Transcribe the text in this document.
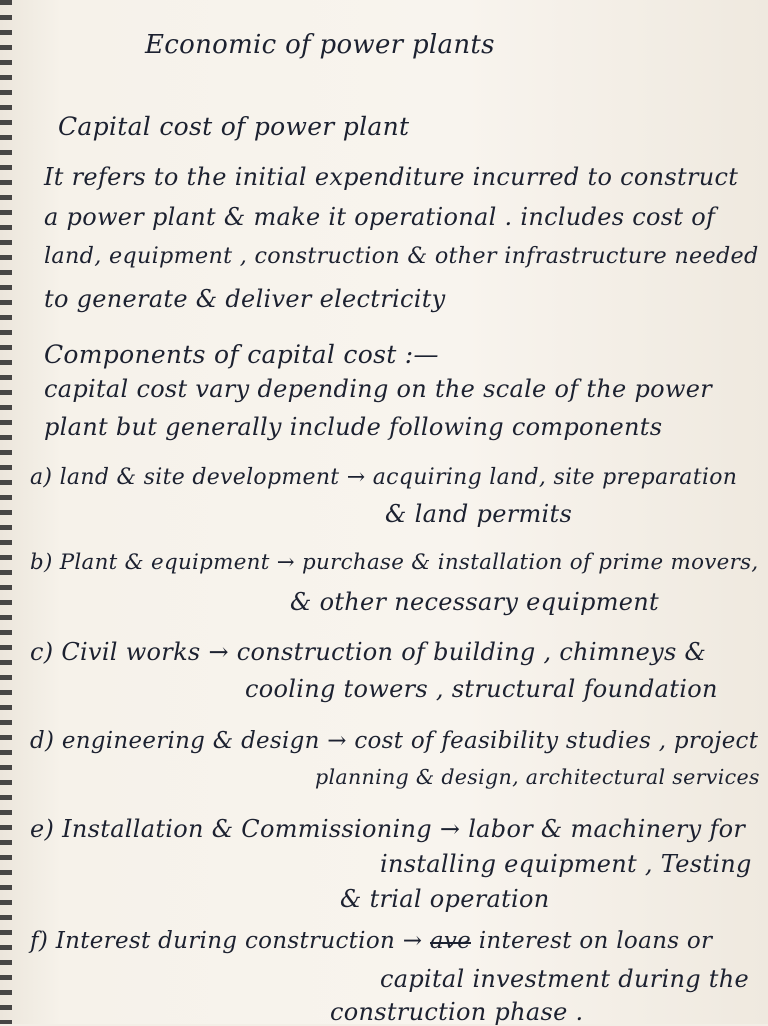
Economic of power plants
Capital cost of power plant
It refers to the initial expenditure incurred to construct
a power plant & make it operational . includes cost of
land, equipment , construction & other infrastructure needed
to generate & deliver electricity
Components of capital cost :—
capital cost vary depending on the scale of the power
plant but generally include following components
a) land & site development → acquiring land, site preparation
& land permits
b) Plant & equipment → purchase & installation of prime movers,
& other necessary equipment
c) Civil works → construction of building , chimneys &
cooling towers , structural foundation
d) engineering & design → cost of feasibility studies , project
planning & design, architectural services
e) Installation & Commissioning → labor & machinery for
installing equipment , Testing
& trial operation
f) Interest during construction → ave interest on loans or
capital investment during the
construction phase .
